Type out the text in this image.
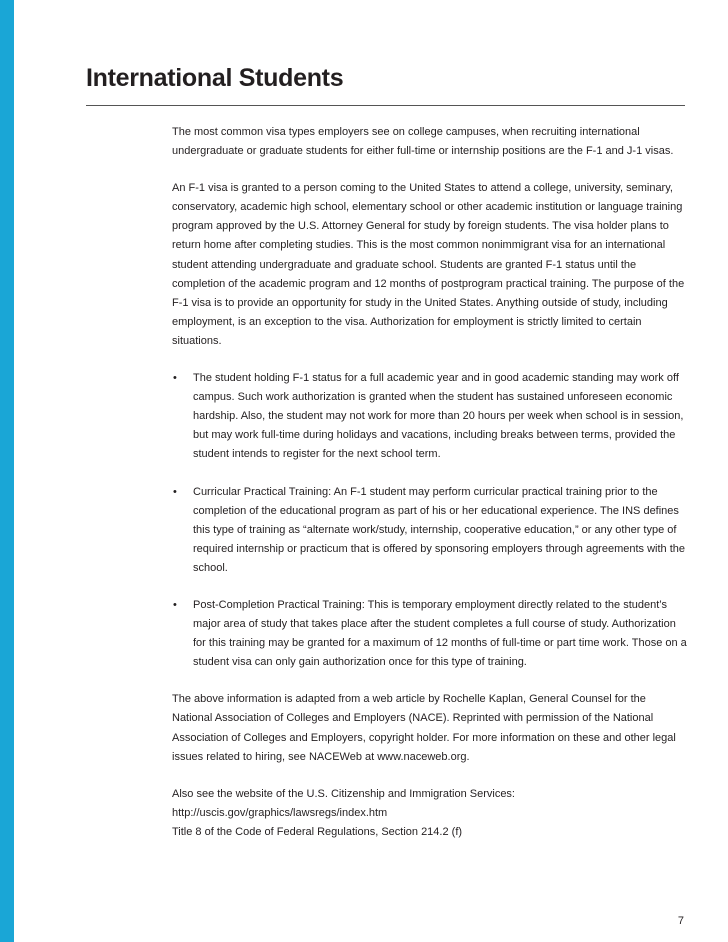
International Students

The most common visa types employers see on college campuses, when recruiting international undergraduate or graduate students for either full-time or internship positions are the F-1 and J-1 visas.

An F-1 visa is granted to a person coming to the United States to attend a college, university, seminary, conservatory, academic high school, elementary school or other academic institution or language training program approved by the U.S. Attorney General for study by foreign students. The visa holder plans to return home after completing studies. This is the most common nonimmigrant visa for an international student attending undergraduate and graduate school. Students are granted F-1 status until the completion of the academic program and 12 months of postprogram practical training. The purpose of the F-1 visa is to provide an opportunity for study in the United States. Anything outside of study, including employment, is an exception to the visa. Authorization for employment is strictly limited to certain situations.

• The student holding F-1 status for a full academic year and in good academic standing may work off campus. Such work authorization is granted when the student has sustained unforeseen economic hardship. Also, the student may not work for more than 20 hours per week when school is in session, but may work full-time during holidays and vacations, including breaks between terms, provided the student intends to register for the next school term.
• Curricular Practical Training: An F-1 student may perform curricular practical training prior to the completion of the educational program as part of his or her educational experience. The INS defines this type of training as “alternate work/study, internship, cooperative education,” or any other type of required internship or practicum that is offered by sponsoring employers through agreements with the school.
• Post-Completion Practical Training: This is temporary employment directly related to the student’s major area of study that takes place after the student completes a full course of study. Authorization for this training may be granted for a maximum of 12 months of full-time or part time work. Those on a student visa can only gain authorization once for this type of training.

The above information is adapted from a web article by Rochelle Kaplan, General Counsel for the National Association of Colleges and Employers (NACE). Reprinted with permission of the National Association of Colleges and Employers, copyright holder. For more information on these and other legal issues related to hiring, see NACEWeb at www.naceweb.org.

Also see the website of the U.S. Citizenship and Immigration Services:
http://uscis.gov/graphics/lawsregs/index.htm
Title 8 of the Code of Federal Regulations, Section 214.2 (f)

7
